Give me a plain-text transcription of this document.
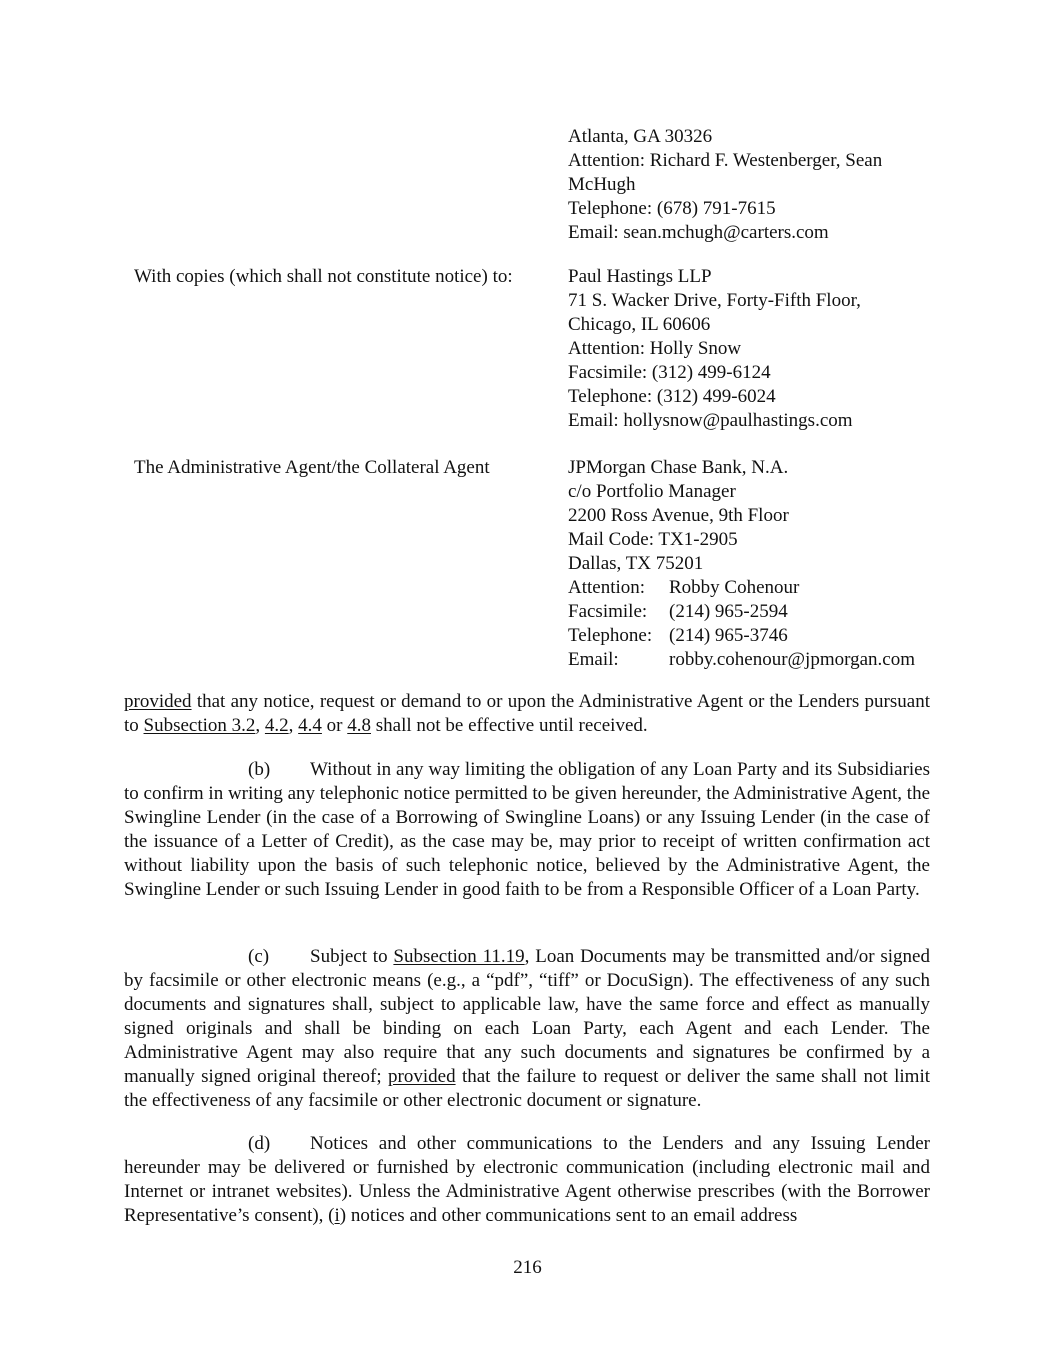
Atlanta, GA 30326
Attention: Richard F. Westenberger, Sean McHugh
Telephone: (678) 791-7615
Email: sean.mchugh@carters.com
With copies (which shall not constitute notice) to:	Paul Hastings LLP
71 S. Wacker Drive, Forty-Fifth Floor,
Chicago, IL 60606
Attention: Holly Snow
Facsimile: (312) 499-6124
Telephone: (312) 499-6024
Email: hollysnow@paulhastings.com
The Administrative Agent/the Collateral Agent	JPMorgan Chase Bank, N.A.
c/o Portfolio Manager
2200 Ross Avenue, 9th Floor
Mail Code: TX1-2905
Dallas, TX 75201
Attention:	Robby Cohenour
Facsimile:	(214) 965-2594
Telephone: (214) 965-3746
Email:	robby.cohenour@jpmorgan.com
provided that any notice, request or demand to or upon the Administrative Agent or the Lenders pursuant to Subsection 3.2, 4.2, 4.4 or 4.8 shall not be effective until received.
(b) Without in any way limiting the obligation of any Loan Party and its Subsidiaries to confirm in writing any telephonic notice permitted to be given hereunder, the Administrative Agent, the Swingline Lender (in the case of a Borrowing of Swingline Loans) or any Issuing Lender (in the case of the issuance of a Letter of Credit), as the case may be, may prior to receipt of written confirmation act without liability upon the basis of such telephonic notice, believed by the Administrative Agent, the Swingline Lender or such Issuing Lender in good faith to be from a Responsible Officer of a Loan Party.
(c) Subject to Subsection 11.19, Loan Documents may be transmitted and/or signed by facsimile or other electronic means (e.g., a “pdf”, “tiff” or DocuSign). The effectiveness of any such documents and signatures shall, subject to applicable law, have the same force and effect as manually signed originals and shall be binding on each Loan Party, each Agent and each Lender. The Administrative Agent may also require that any such documents and signatures be confirmed by a manually signed original thereof; provided that the failure to request or deliver the same shall not limit the effectiveness of any facsimile or other electronic document or signature.
(d) Notices and other communications to the Lenders and any Issuing Lender hereunder may be delivered or furnished by electronic communication (including electronic mail and Internet or intranet websites). Unless the Administrative Agent otherwise prescribes (with the Borrower Representative’s consent), (i) notices and other communications sent to an email address
216
